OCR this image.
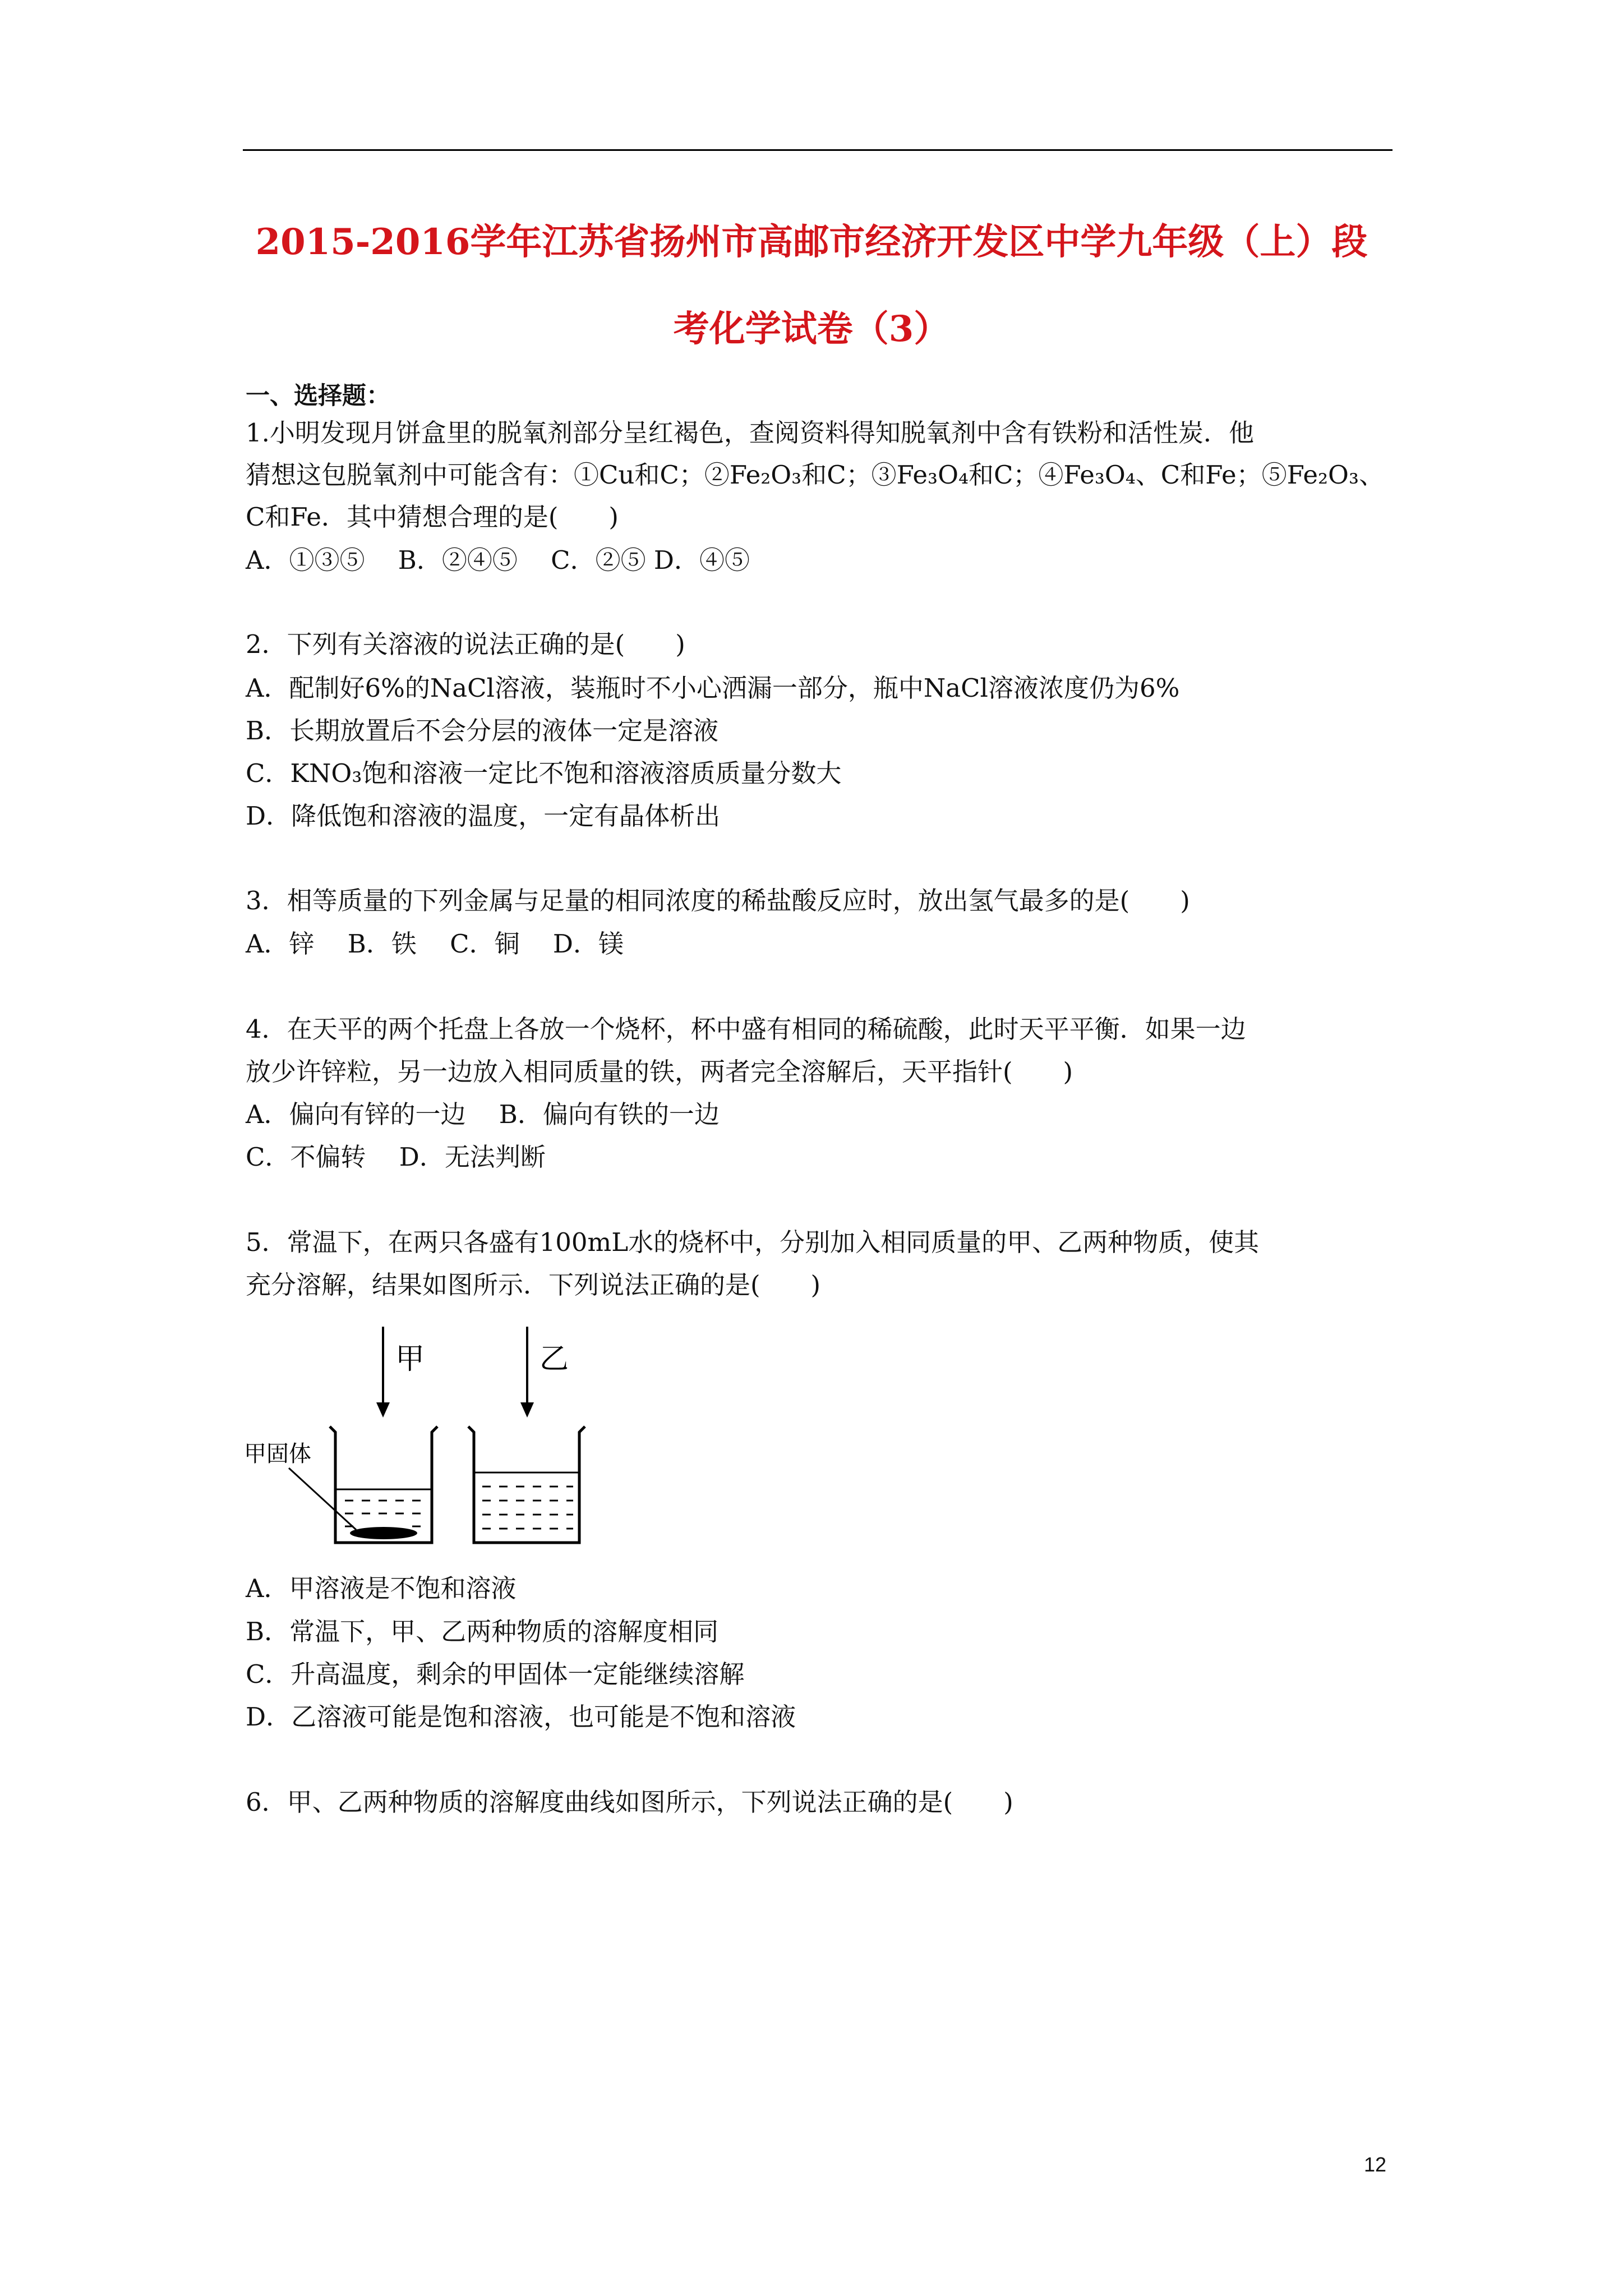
2015-2016学年江苏省扬州市高邮市经济开发区中学九年级（上）段
考化学试卷（3）
一、选择题：
1.小明发现月饼盒里的脱氧剂部分呈红褐色，查阅资料得知脱氧剂中含有铁粉和活性炭．他
猜想这包脱氧剂中可能含有：①Cu和C；②Fe₂O₃和C；③Fe₃O₄和C；④Fe₃O₄、C和Fe；⑤Fe₂O₃、
C和Fe．其中猜想合理的是(　　)
A．①③⑤　 B．②④⑤　 C．②⑤ D．④⑤
2．下列有关溶液的说法正确的是(　　)
A．配制好6%的NaCl溶液，装瓶时不小心洒漏一部分，瓶中NaCl溶液浓度仍为6%
B．长期放置后不会分层的液体一定是溶液
C．KNO₃饱和溶液一定比不饱和溶液溶质质量分数大
D．降低饱和溶液的温度，一定有晶体析出
3．相等质量的下列金属与足量的相同浓度的稀盐酸反应时，放出氢气最多的是(　　)
A．锌　 B．铁　 C．铜　 D．镁
4．在天平的两个托盘上各放一个烧杯，杯中盛有相同的稀硫酸，此时天平平衡．如果一边
放少许锌粒，另一边放入相同质量的铁，两者完全溶解后，天平指针(　　)
A．偏向有锌的一边　 B．偏向有铁的一边
C．不偏转　 D．无法判断
5．常温下，在两只各盛有100mL水的烧杯中，分别加入相同质量的甲、乙两种物质，使其
充分溶解，结果如图所示．下列说法正确的是(　　)
甲	乙
甲固体
A．甲溶液是不饱和溶液
B．常温下，甲、乙两种物质的溶解度相同
C．升高温度，剩余的甲固体一定能继续溶解
D．乙溶液可能是饱和溶液，也可能是不饱和溶液
6．甲、乙两种物质的溶解度曲线如图所示，下列说法正确的是(　　)
12
